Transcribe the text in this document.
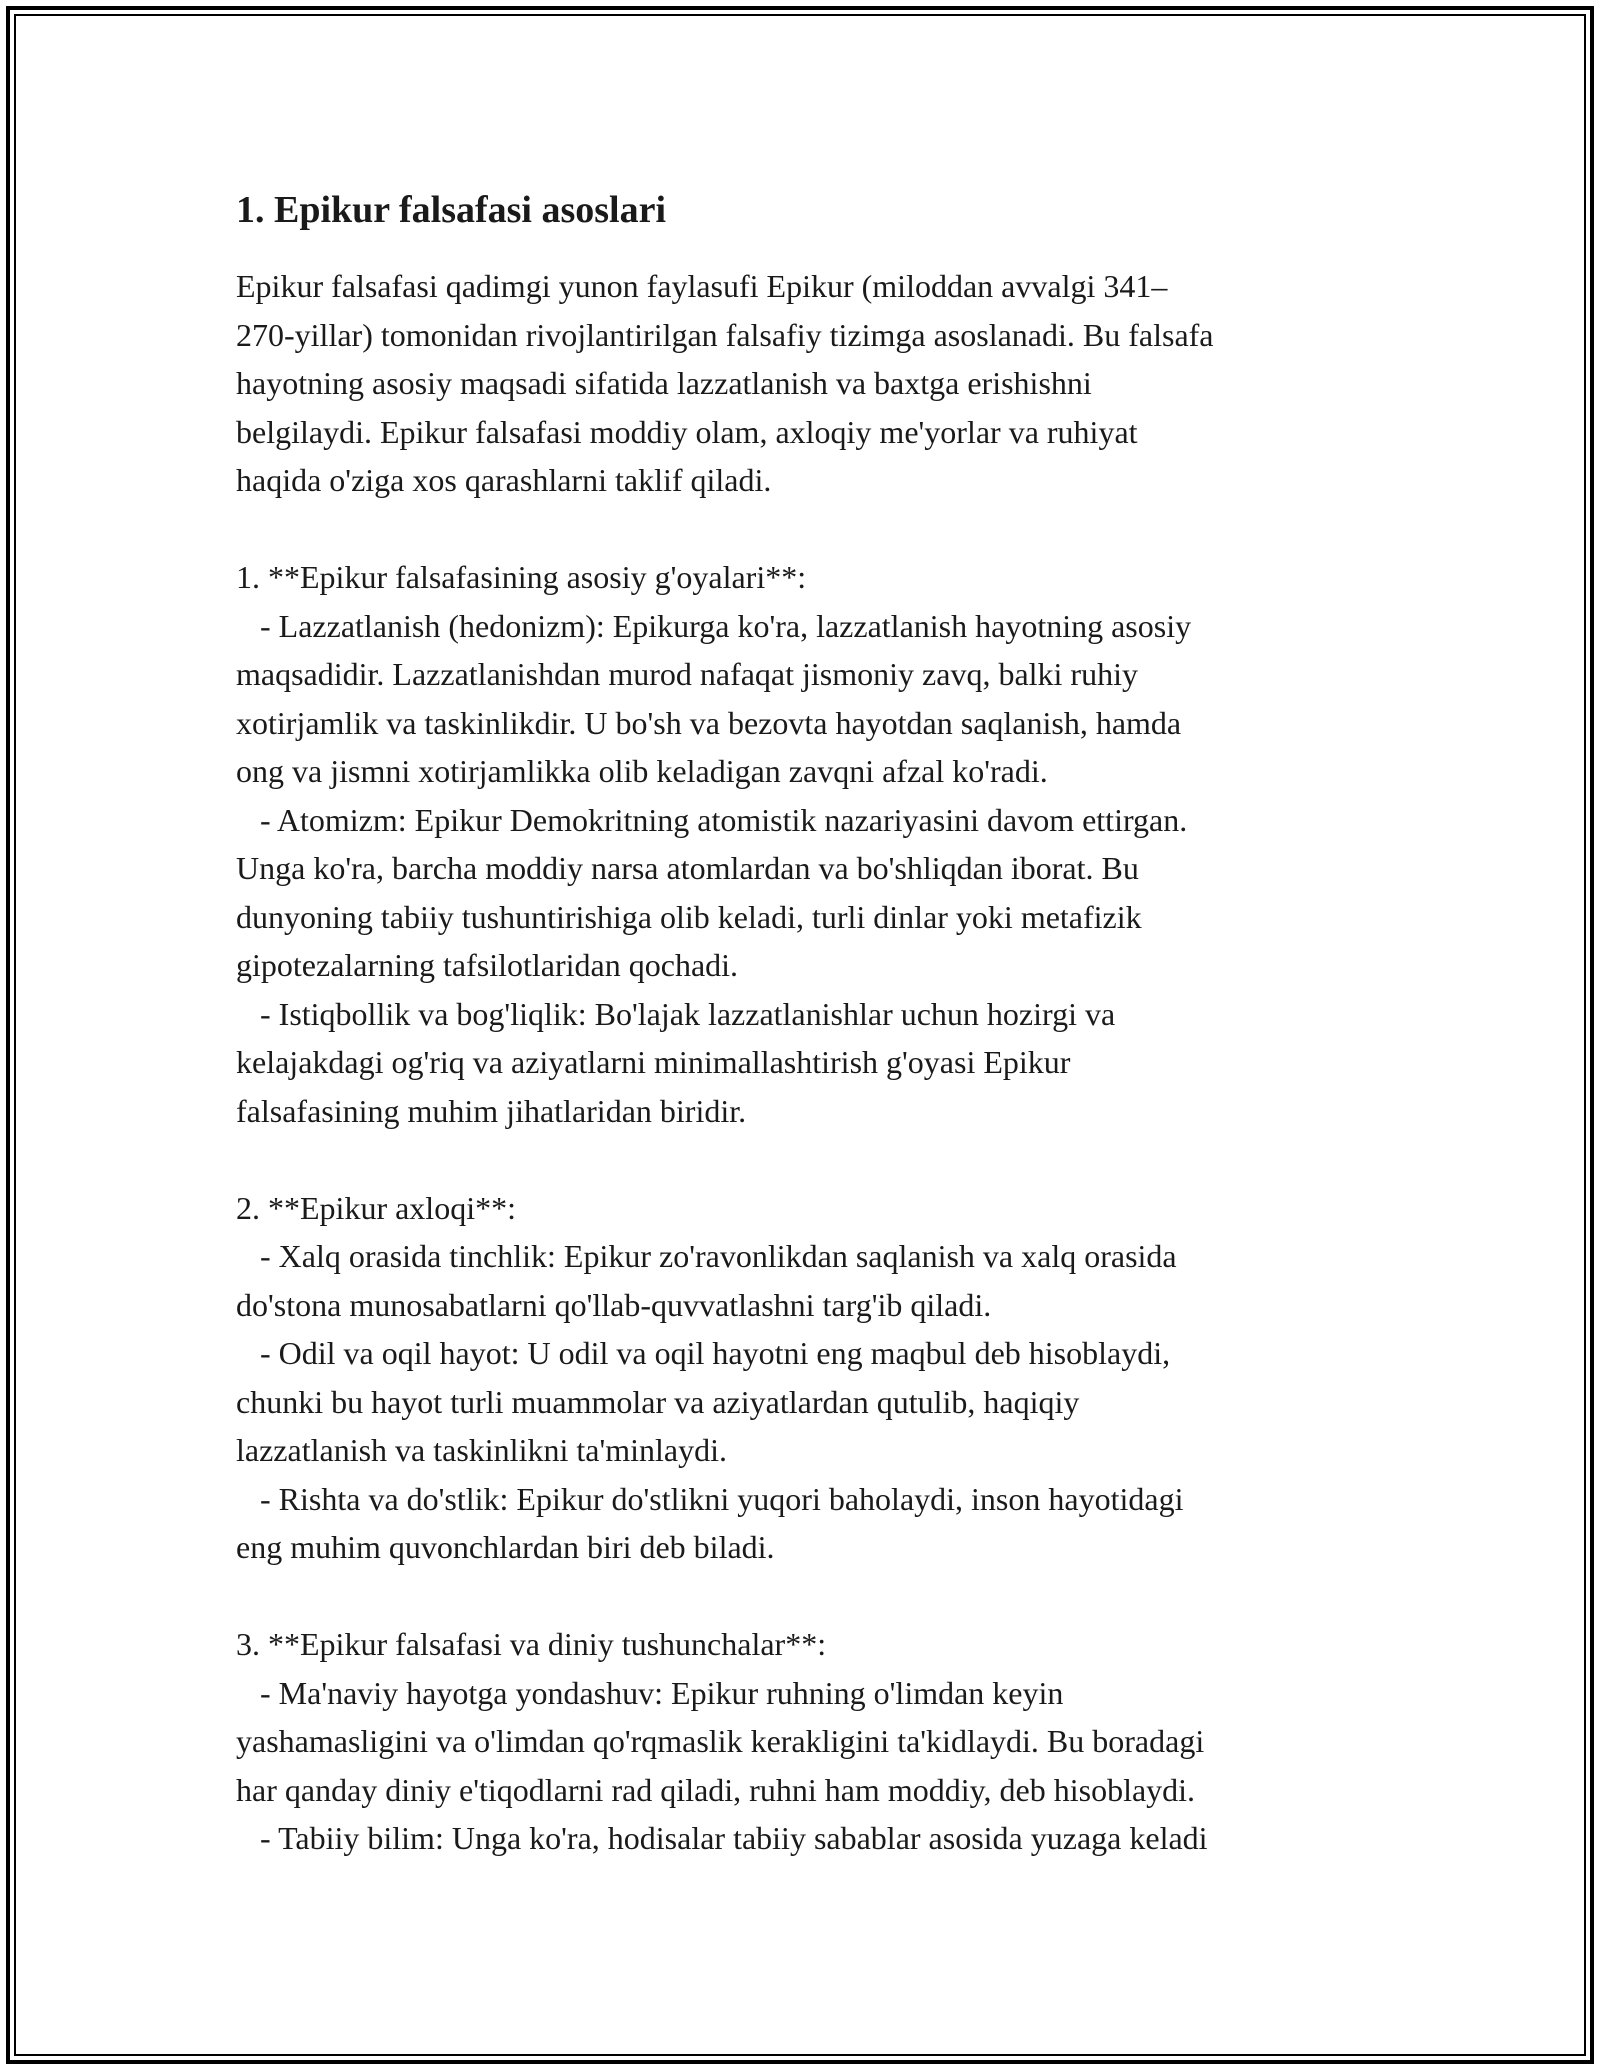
1. Epikur falsafasi asoslari
Epikur falsafasi qadimgi yunon faylasufi Epikur (miloddan avvalgi 341–
270-yillar) tomonidan rivojlantirilgan falsafiy tizimga asoslanadi. Bu falsafa
hayotning asosiy maqsadi sifatida lazzatlanish va baxtga erishishni
belgilaydi. Epikur falsafasi moddiy olam, axloqiy me'yorlar va ruhiyat
haqida o'ziga xos qarashlarni taklif qiladi.
1. **Epikur falsafasining asosiy g'oyalari**:
- Lazzatlanish (hedonizm): Epikurga ko'ra, lazzatlanish hayotning asosiy
maqsadidir. Lazzatlanishdan murod nafaqat jismoniy zavq, balki ruhiy
xotirjamlik va taskinlikdir. U bo'sh va bezovta hayotdan saqlanish, hamda
ong va jismni xotirjamlikka olib keladigan zavqni afzal ko'radi.
- Atomizm: Epikur Demokritning atomistik nazariyasini davom ettirgan.
Unga ko'ra, barcha moddiy narsa atomlardan va bo'shliqdan iborat. Bu
dunyoning tabiiy tushuntirishiga olib keladi, turli dinlar yoki metafizik
gipotezalarning tafsilotlaridan qochadi.
- Istiqbollik va bog'liqlik: Bo'lajak lazzatlanishlar uchun hozirgi va
kelajakdagi og'riq va aziyatlarni minimallashtirish g'oyasi Epikur
falsafasining muhim jihatlaridan biridir.
2. **Epikur axloqi**:
- Xalq orasida tinchlik: Epikur zo'ravonlikdan saqlanish va xalq orasida
do'stona munosabatlarni qo'llab-quvvatlashni targ'ib qiladi.
- Odil va oqil hayot: U odil va oqil hayotni eng maqbul deb hisoblaydi,
chunki bu hayot turli muammolar va aziyatlardan qutulib, haqiqiy
lazzatlanish va taskinlikni ta'minlaydi.
- Rishta va do'stlik: Epikur do'stlikni yuqori baholaydi, inson hayotidagi
eng muhim quvonchlardan biri deb biladi.
3. **Epikur falsafasi va diniy tushunchalar**:
- Ma'naviy hayotga yondashuv: Epikur ruhning o'limdan keyin
yashamasligini va o'limdan qo'rqmaslik kerakligini ta'kidlaydi. Bu boradagi
har qanday diniy e'tiqodlarni rad qiladi, ruhni ham moddiy, deb hisoblaydi.
- Tabiiy bilim: Unga ko'ra, hodisalar tabiiy sabablar asosida yuzaga keladi
